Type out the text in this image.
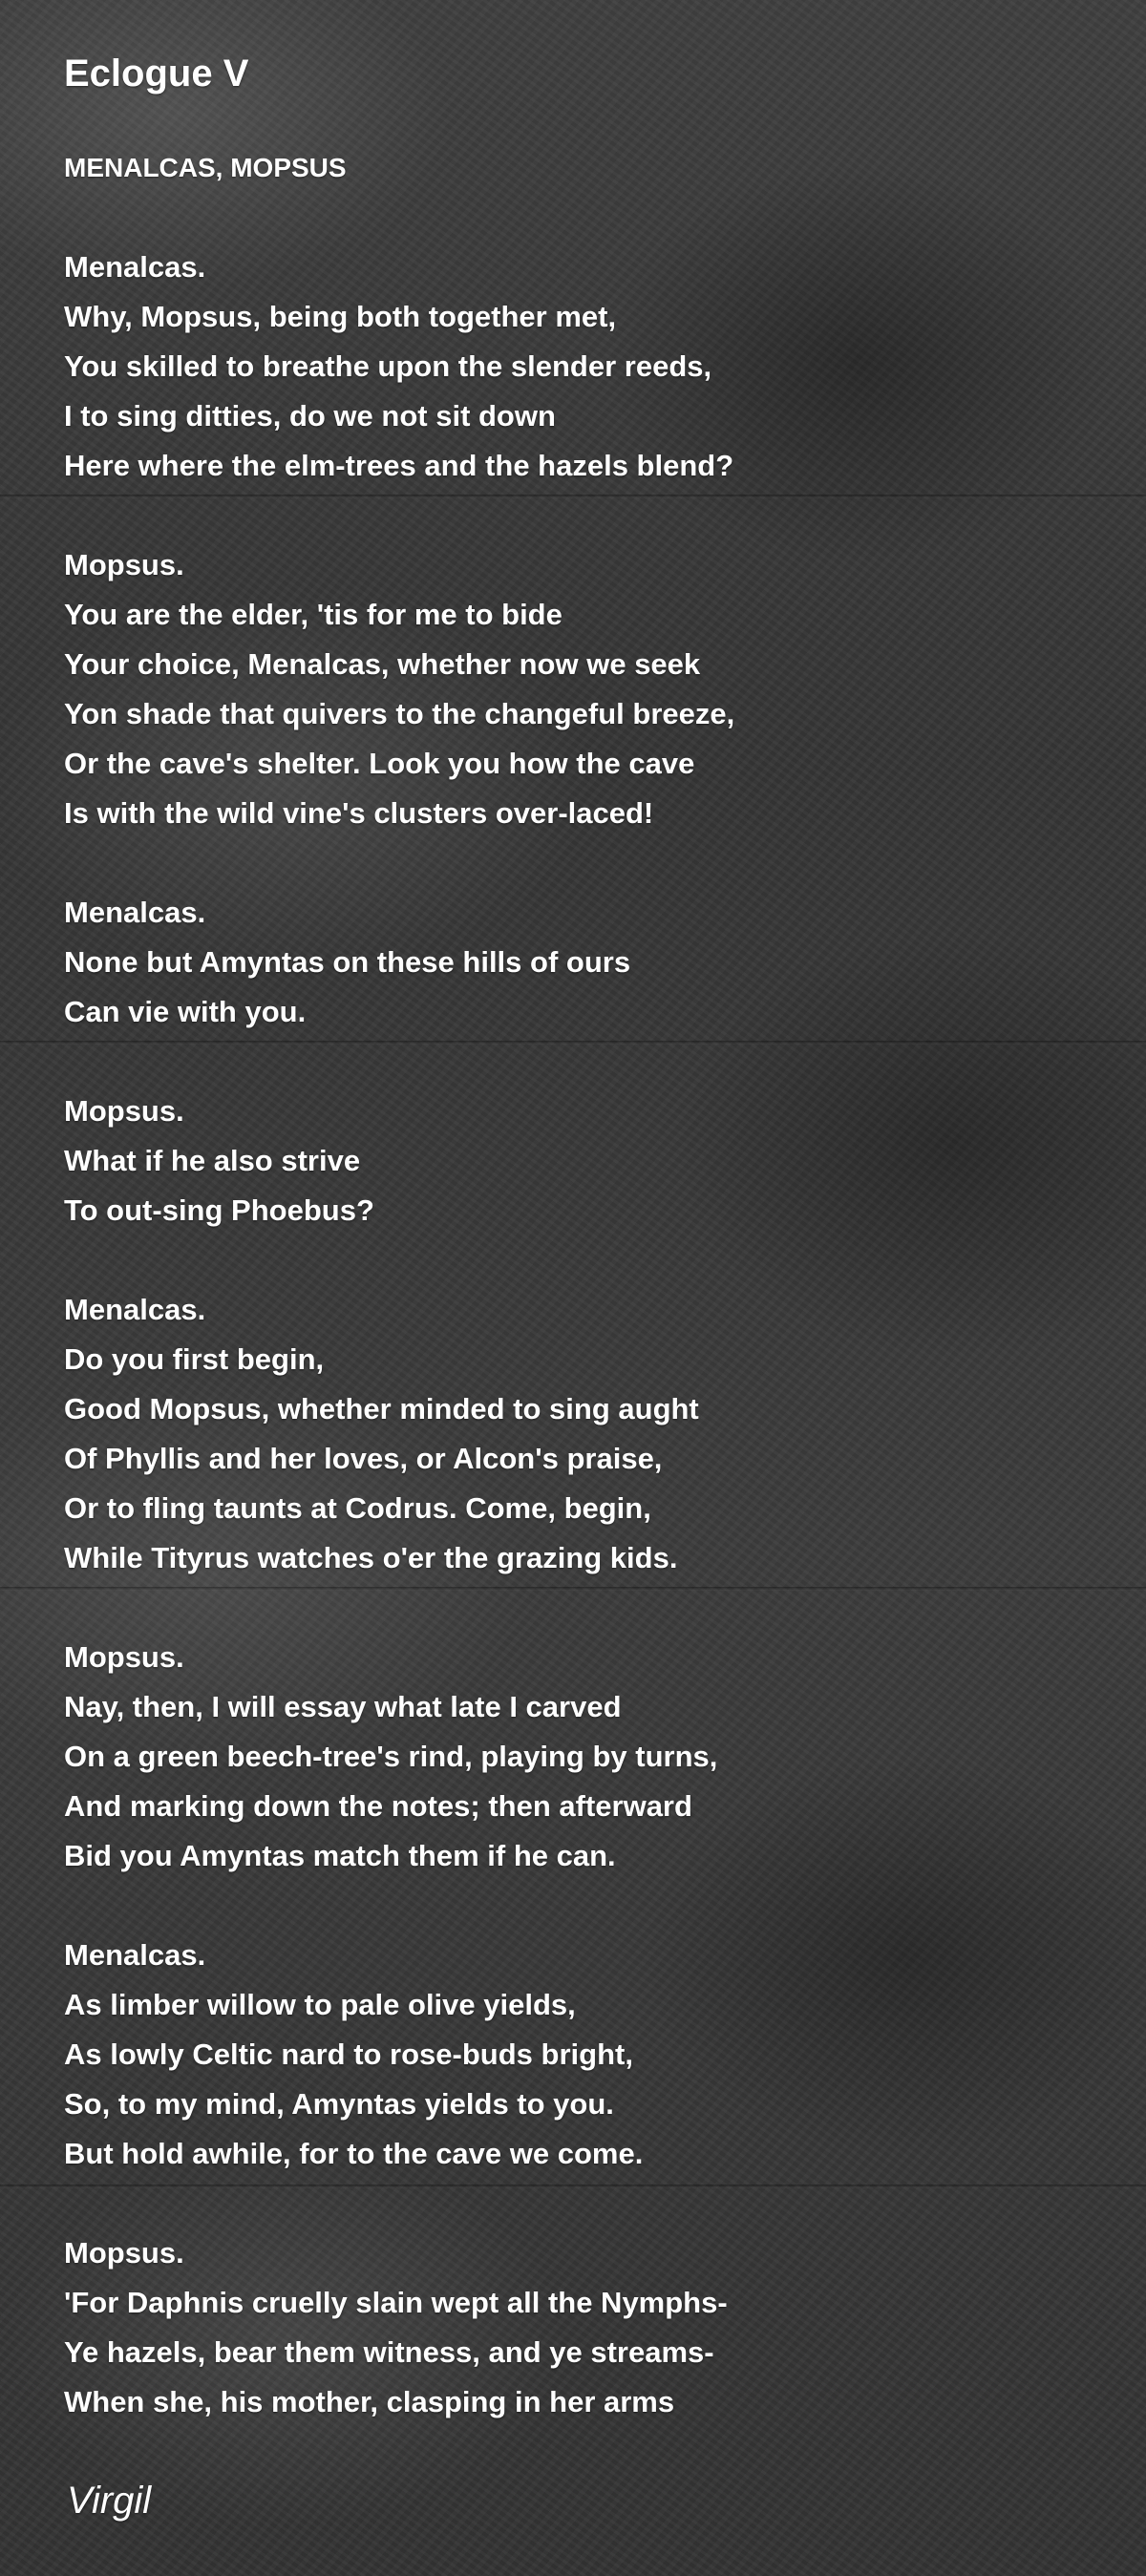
Eclogue V
MENALCAS, MOPSUS

Menalcas.

Why, Mopsus, being both together met,

You skilled to breathe upon the slender reeds,

I to sing ditties, do we not sit down

Here where the elm-trees and the hazels blend?

Mopsus.

You are the elder, 'tis for me to bide

Your choice, Menalcas, whether now we seek

Yon shade that quivers to the changeful breeze,

Or the cave's shelter. Look you how the cave

Is with the wild vine's clusters over-laced!

Menalcas.

None but Amyntas on these hills of ours

Can vie with you.

Mopsus.

What if he also strive

To out-sing Phoebus?

Menalcas.

Do you first begin,

Good Mopsus, whether minded to sing aught

Of Phyllis and her loves, or Alcon's praise,

Or to fling taunts at Codrus. Come, begin,

While Tityrus watches o'er the grazing kids.

Mopsus.

Nay, then, I will essay what late I carved

On a green beech-tree's rind, playing by turns,

And marking down the notes; then afterward

Bid you Amyntas match them if he can.

Menalcas.

As limber willow to pale olive yields,

As lowly Celtic nard to rose-buds bright,

So, to my mind, Amyntas yields to you.

But hold awhile, for to the cave we come.

Mopsus.

'For Daphnis cruelly slain wept all the Nymphs-

Ye hazels, bear them witness, and ye streams-

When she, his mother, clasping in her arms

Virgil
